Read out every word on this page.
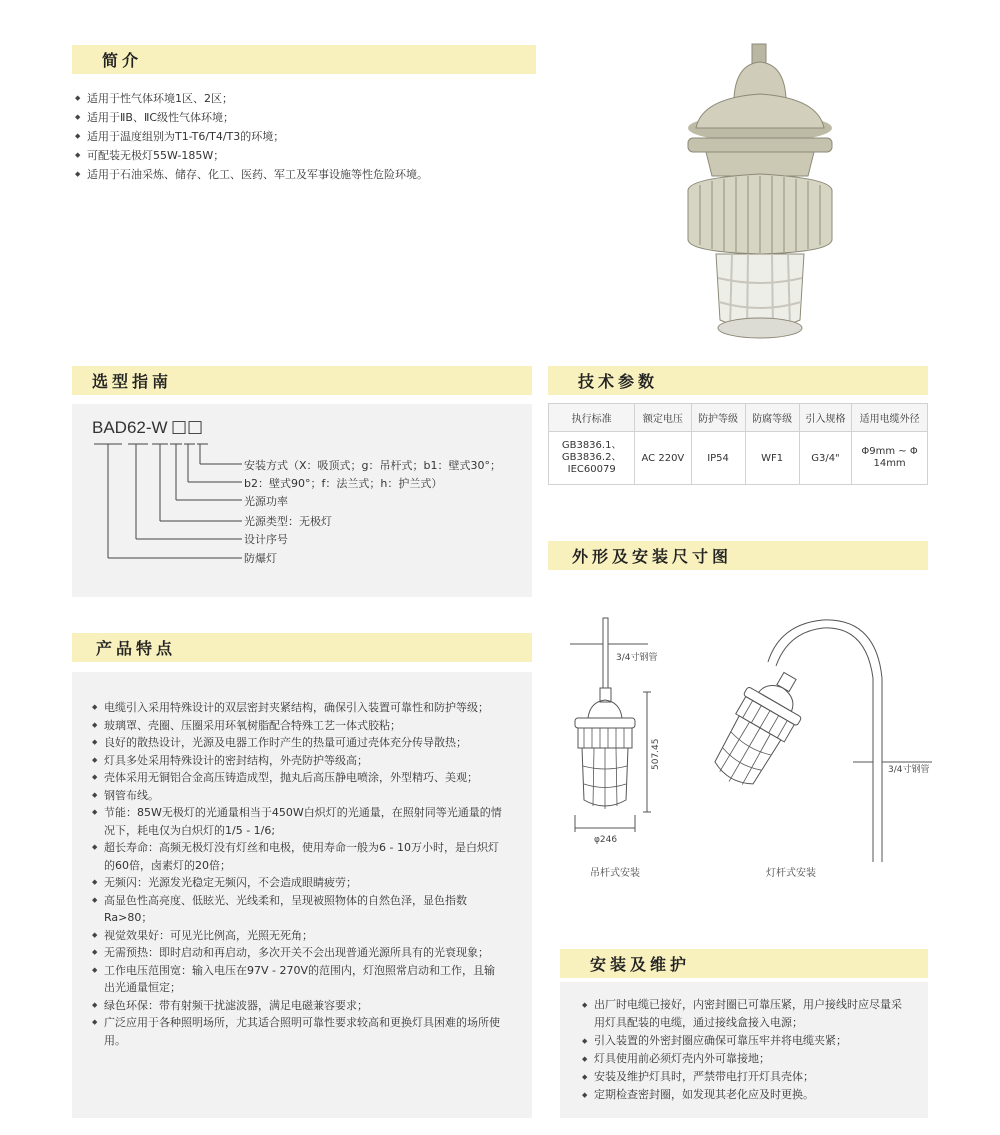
简介
◆ 适用于性气体环境1区、2区；
◆ 适用于ⅡB、ⅡC级性气体环境；
◆ 适用于温度组别为T1-T6/T4/T3的环境；
◆ 可配装无极灯55W-185W；
◆ 适用于石油采炼、储存、化工、医药、军工及军事设施等性危险环境。
选型指南
BAD62-W □□
安装方式（X：吸顶式；g：吊杆式；b1：壁式30°；
b2：壁式90°；f：法兰式；h：护兰式）
光源功率
光源类型：无极灯
设计序号
防爆灯
技术参数
执行标准	额定电压	防护等级	防腐等级	引入规格	适用电缆外径
GB3836.1、GB3836.2、IEC60079	AC 220V	IP54	WF1	G3/4"	Φ9mm ~ Φ 14mm
外形及安装尺寸图
3/4寸钢管
507.45
φ246
吊杆式安装
3/4寸钢管
灯杆式安装
产品特点
◆ 电缆引入采用特殊设计的双层密封夹紧结构，确保引入装置可靠性和防护等级；
◆ 玻璃罩、壳圈、压圈采用环氧树脂配合特殊工艺一体式胶粘；
◆ 良好的散热设计，光源及电器工作时产生的热量可通过壳体充分传导散热；
◆ 灯具多处采用特殊设计的密封结构，外壳防护等级高；
◆ 壳体采用无铜铝合金高压铸造成型，抛丸后高压静电喷涂，外型精巧、美观；
◆ 钢管布线。
◆ 节能：85W无极灯的光通量相当于450W白炽灯的光通量，在照射同等光通量的情况下，耗电仅为白炽灯的1/5 - 1/6;
◆ 超长寿命：高频无极灯没有灯丝和电极，使用寿命一般为6 - 10万小时，是白炽灯的60倍，卤素灯的20倍；
◆ 无频闪：光源发光稳定无频闪，不会造成眼睛疲劳；
◆ 高显色性高亮度、低眩光、光线柔和，呈现被照物体的自然色泽，显色指数Ra>80；
◆ 视觉效果好：可见光比例高，光照无死角；
◆ 无需预热：即时启动和再启动，多次开关不会出现普通光源所具有的光衰现象；
◆ 工作电压范围宽：输入电压在97V - 270V的范围内，灯泡照常启动和工作，且输出光通量恒定；
◆ 绿色环保：带有射频干扰滤波器，满足电磁兼容要求；
◆ 广泛应用于各种照明场所，尤其适合照明可靠性要求较高和更换灯具困难的场所使用。
安装及维护
◆ 出厂时电缆已接好，内密封圈已可靠压紧，用户接线时应尽量采用灯具配装的电缆，通过接线盒接入电源；
◆ 引入装置的外密封圈应确保可靠压牢并将电缆夹紧；
◆ 灯具使用前必须灯壳内外可靠接地；
◆ 安装及维护灯具时，严禁带电打开灯具壳体；
◆ 定期检查密封圈，如发现其老化应及时更换。
